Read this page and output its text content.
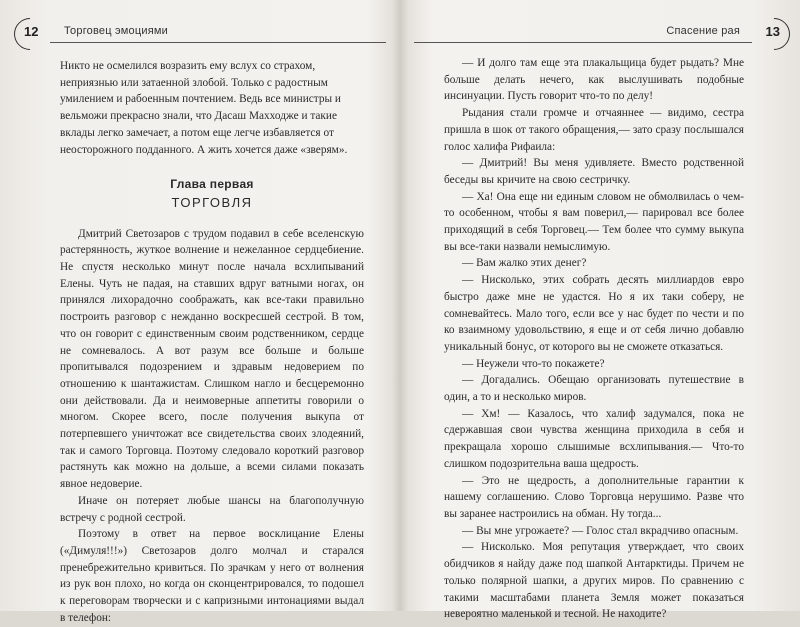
12 Торговец эмоциями

Никто не осмелился возразить ему вслух со страхом, неприязнью или затаенной злобой. Только с радостным умилением и рабоенным почтением. Ведь все министры и вельможи прекрасно знали, что Дасаш Махходже и такие вклады легко замечает, а потом еще легче избавляется от неосторожного подданного. А жить хочется даже «зверям».

Глава первая
ТОРГОВЛЯ

Дмитрий Светозаров с трудом подавил в себе вселенскую растерянность, жуткое волнение и нежеланное сердцебиение. Не спустя несколько минут после начала всхлипываний Елены. Чуть не падая, на ставших вдруг ватными ногах, он принялся лихорадочно соображать, как все-таки правильно построить разговор с нежданно воскресшей сестрой. В том, что он говорит с единственным своим родственником, сердце не сомневалось. А вот разум все больше и больше пропитывался подозрением и здравым недоверием по отношению к шантажистам. Слишком нагло и бесцеремонно они действовали. Да и неимоверные аппетиты говорили о многом. Скорее всего, после получения выкупа от потерпевшего уничтожат все свидетельства своих злодеяний, так и самого Торговца. Поэтому следовало короткий разговор растянуть как можно на дольше, а всеми силами показать явное недоверие.

Иначе он потеряет любые шансы на благополучную встречу с родной сестрой.

Поэтому в ответ на первое восклицание Елены («Димуля!!!») Светозаров долго молчал и старался пренебрежительно кривиться. По зрачкам у него от волнения из рук вон плохо, но когда он сконцентрировался, то подошел к переговорам творчески и с капризными интонациями выдал в телефон:

13
Спасение рая

— И долго там еще эта плакальщица будет рыдать? Мне больше делать нечего, как выслушивать подобные инсинуации. Пусть говорит что-то по делу!

Рыдания стали громче и отчаяннее — видимо, сестра пришла в шок от такого обращения,— зато сразу послышался голос халифа Рифаила:

— Дмитрий! Вы меня удивляете. Вместо родственной беседы вы кричите на свою сестричку.

— Ха! Она еще ни единым словом не обмолвилась о чем-то особенном, чтобы я вам поверил,— парировал все более приходящий в себя Торговец.— Тем более что сумму выкупа вы все-таки назвали немыслимую.

— Вам жалко этих денег?

— Нисколько, этих собрать десять миллиардов евро быстро даже мне не удастся. Но я их таки соберу, не сомневайтесь. Мало того, если все у нас будет по чести и по ко взаимному удовольствию, я еще и от себя лично добавлю уникальный бонус, от которого вы не сможете отказаться.

— Неужели что-то покажете?

— Догадались. Обещаю организовать путешествие в один, а то и несколько миров.

— Хм! — Казалось, что халиф задумался, пока не сдержавшая свои чувства женщина приходила в себя и прекращала хорошо слышимые всхлипывания.— Что-то слишком подозрительна ваша щедрость.

— Это не щедрость, а дополнительные гарантии к нашему соглашению. Слово Торговца нерушимо. Разве что вы заранее настроились на обман. Ну тогда...

— Вы мне угрожаете? — Голос стал вкрадчиво опасным.

— Нисколько. Моя репутация утверждает, что своих обидчиков я найду даже под шапкой Антарктиды. Причем не только полярной шапки, а других миров. По сравнению с такими масштабами планета Земля может показаться невероятно маленькой и тесной. Не находите?
